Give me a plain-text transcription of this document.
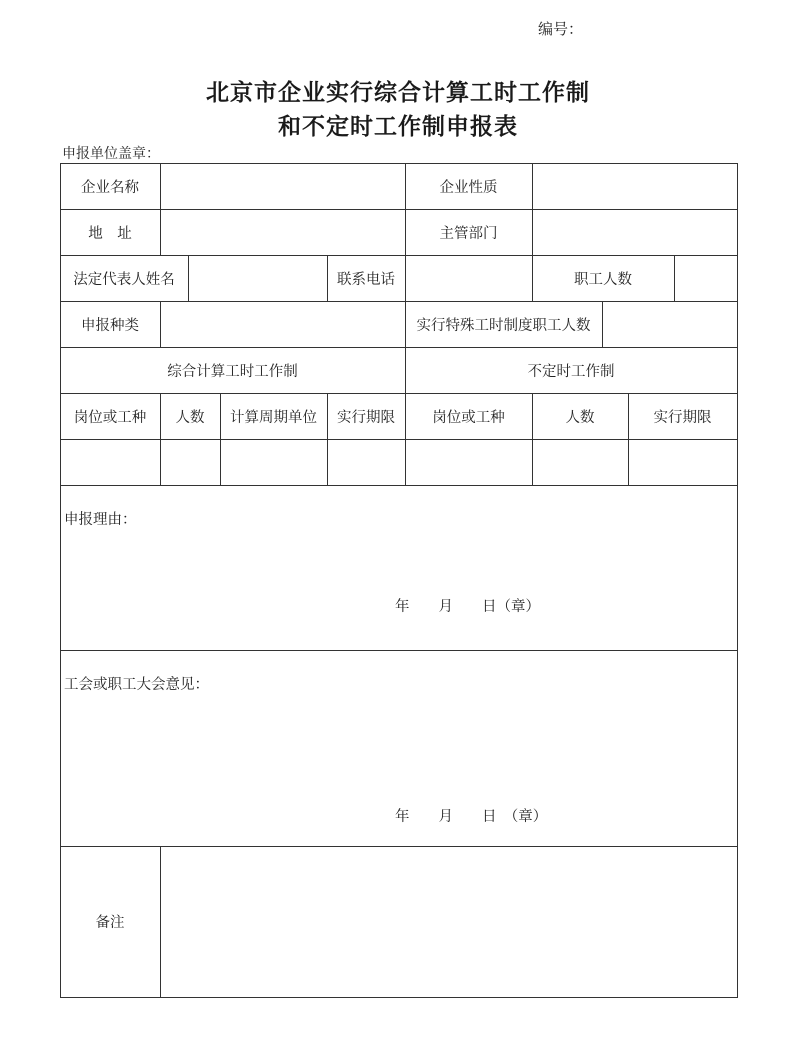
编号：
北京市企业实行综合计算工时工作制
和不定时工作制申报表
申报单位盖章：
企业名称	企业性质
地　址	主管部门
法定代表人姓名	联系电话	职工人数
申报种类	实行特殊工时制度职工人数
综合计算工时工作制	不定时工作制
岗位或工种	人数	计算周期单位	实行期限	岗位或工种	人数	实行期限
申报理由：
年　　月　　日（章）
工会或职工大会意见：
年　　月　　日　（章）
备注
